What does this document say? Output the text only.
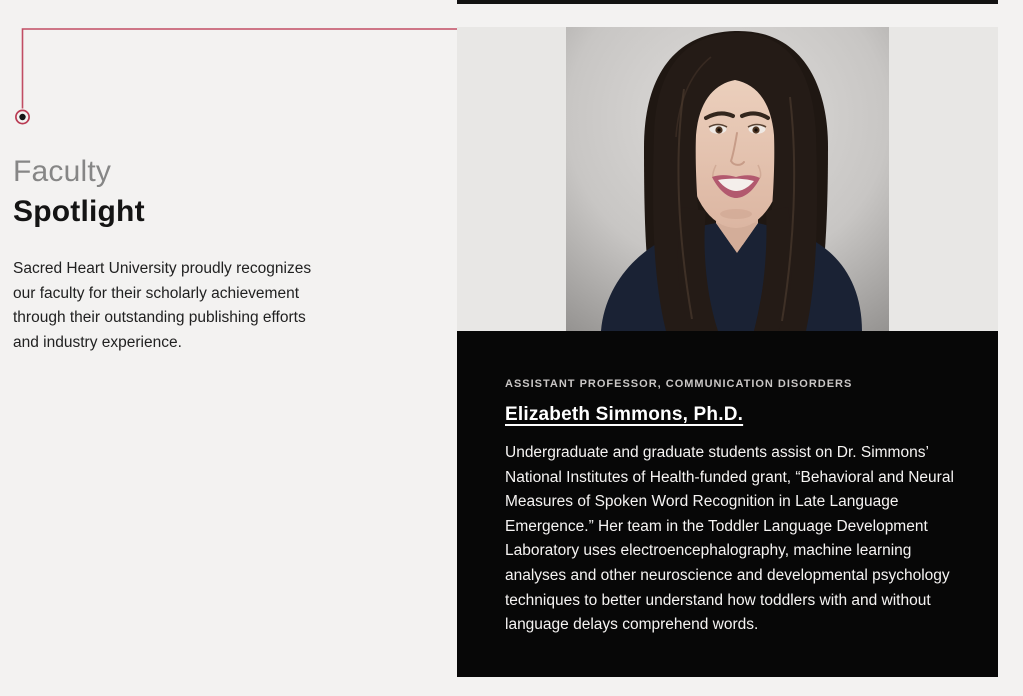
Faculty
Spotlight

Sacred Heart University proudly recognizes our faculty for their scholarly achievement through their outstanding publishing efforts and industry experience.

ASSISTANT PROFESSOR, COMMUNICATION DISORDERS

Elizabeth Simmons, Ph.D.

Undergraduate and graduate students assist on Dr. Simmons’ National Institutes of Health-funded grant, “Behavioral and Neural Measures of Spoken Word Recognition in Late Language Emergence.” Her team in the Toddler Language Development Laboratory uses electroencephalography, machine learning analyses and other neuroscience and developmental psychology techniques to better understand how toddlers with and without language delays comprehend words.
